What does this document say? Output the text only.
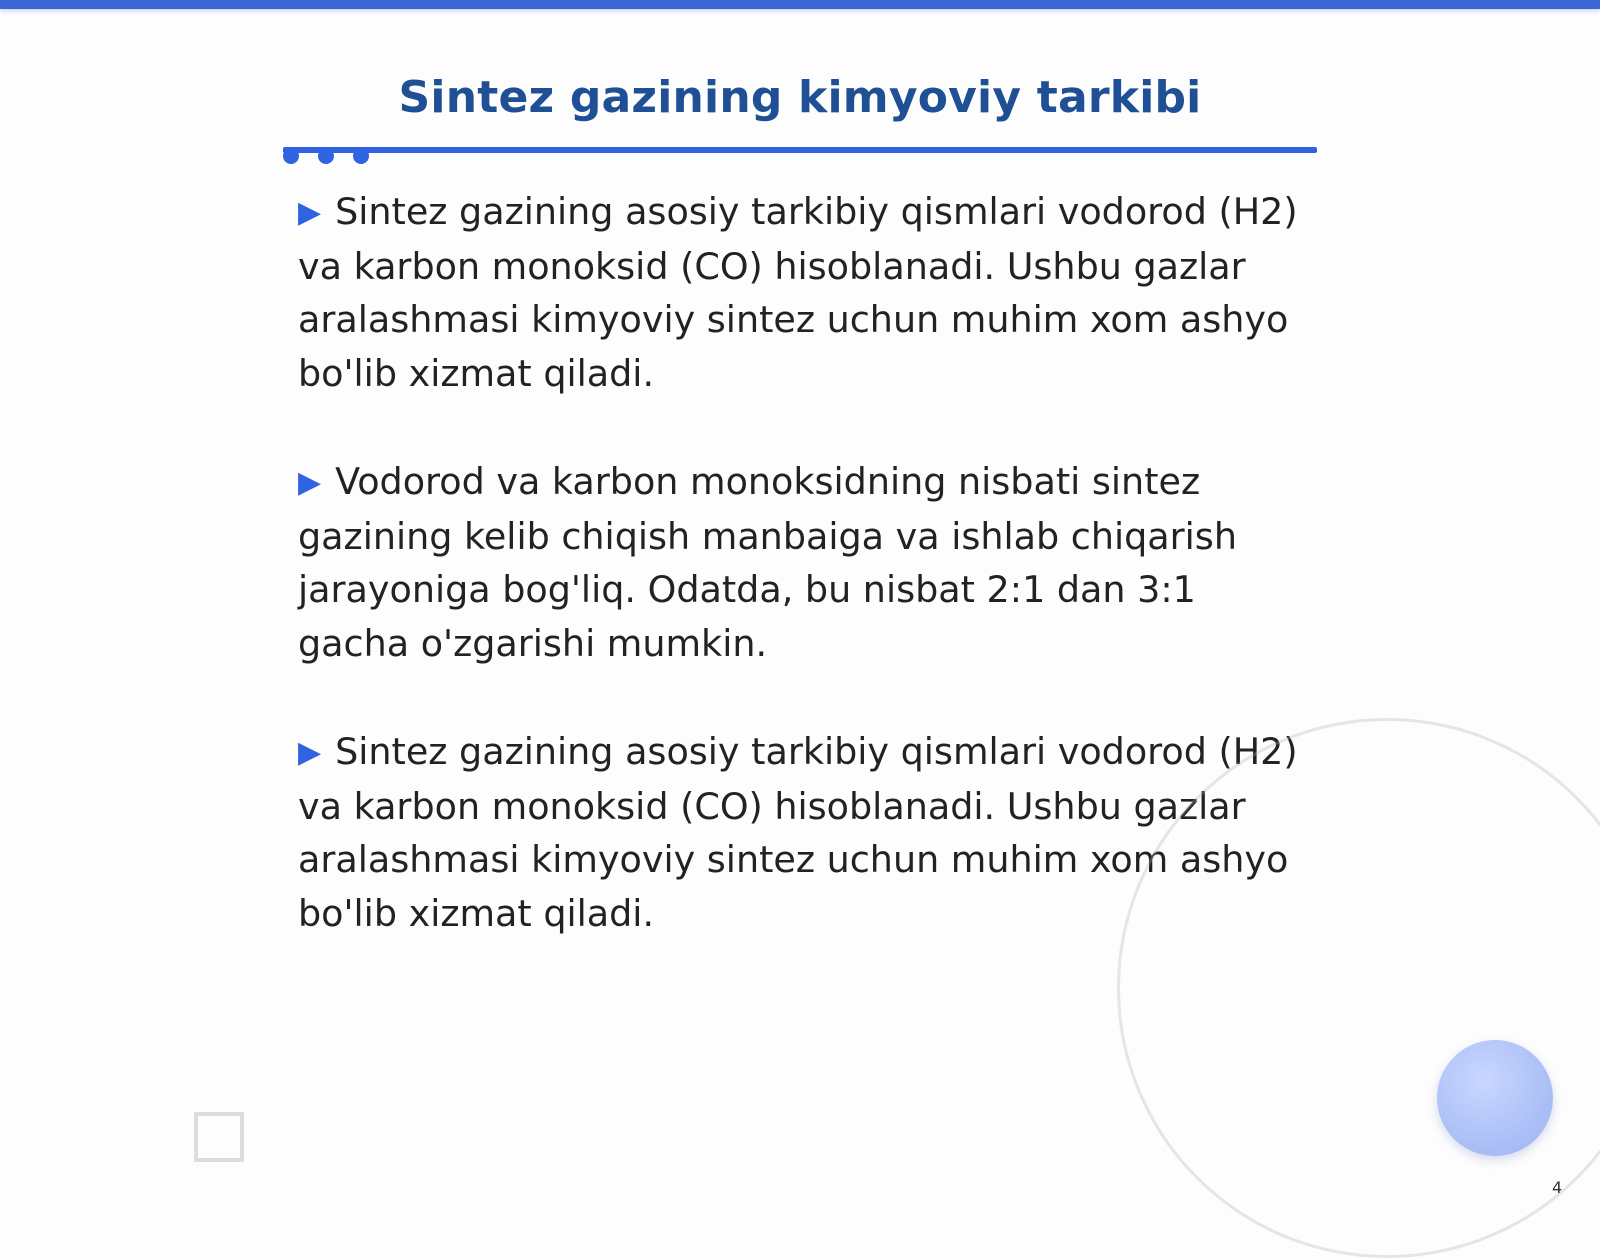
Sintez gazining kimyoviy tarkibi

▶ Sintez gazining asosiy tarkibiy qismlari vodorod (H2) va karbon monoksid (CO) hisoblanadi. Ushbu gazlar aralashmasi kimyoviy sintez uchun muhim xom ashyo bo'lib xizmat qiladi.

▶ Vodorod va karbon monoksidning nisbati sintez gazining kelib chiqish manbaiga va ishlab chiqarish jarayoniga bog'liq. Odatda, bu nisbat 2:1 dan 3:1 gacha o'zgarishi mumkin.

▶ Sintez gazining asosiy tarkibiy qismlari vodorod (H2) va karbon monoksid (CO) hisoblanadi. Ushbu gazlar aralashmasi kimyoviy sintez uchun muhim xom ashyo bo'lib xizmat qiladi.

4
